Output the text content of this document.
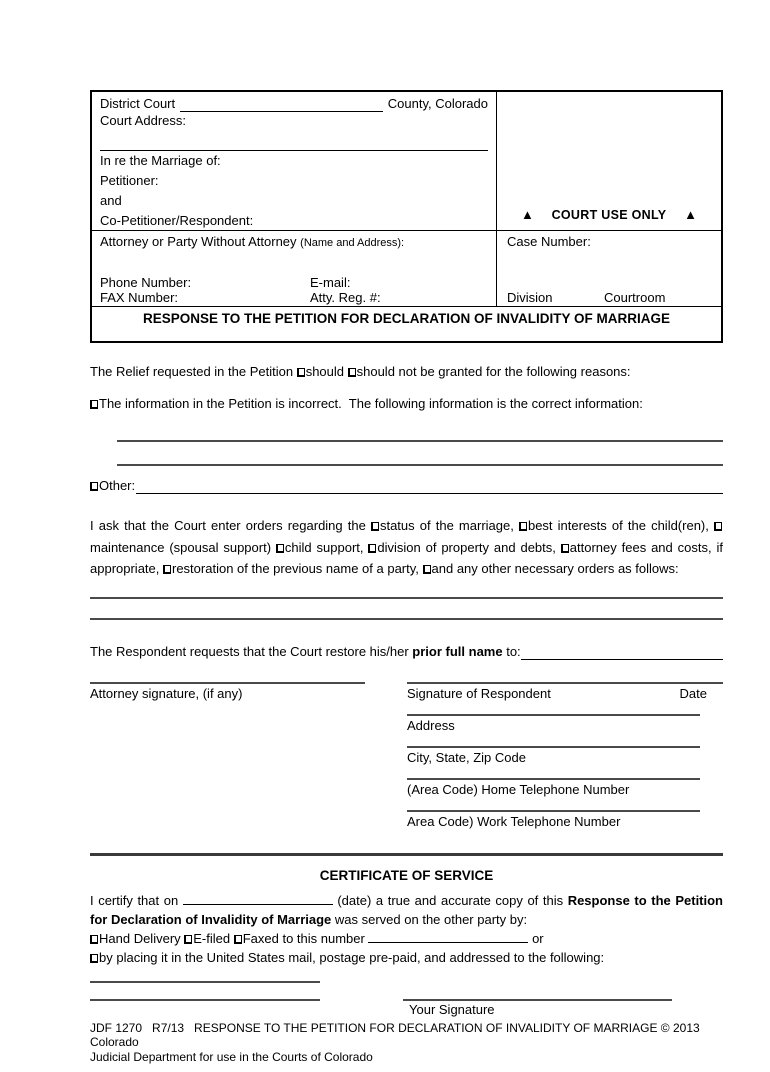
District Court	County, Colorado
Court Address:
In re the Marriage of:
Petitioner:
and
Co-Petitioner/Respondent:	▲ COURT USE ONLY ▲
Attorney or Party Without Attorney (Name and Address):
Phone Number:	E-mail:
FAX Number:	Atty. Reg. #:
Case Number:
Division	Courtroom
RESPONSE TO THE PETITION FOR DECLARATION OF INVALIDITY OF MARRIAGE

The Relief requested in the Petition should should not be granted for the following reasons:

The information in the Petition is incorrect.  The following information is the correct information:

Other:

I ask that the Court enter orders regarding the status of the marriage, best interests of the child(ren), maintenance (spousal support) child support, division of property and debts, attorney fees and costs, if appropriate, restoration of the previous name of a party, and any other necessary orders as follows:

The Respondent requests that the Court restore his/her prior full name to:
Attorney signature, (if any)	Signature of Respondent	Date
Address
City, State, Zip Code
(Area Code) Home Telephone Number
Area Code) Work Telephone Number
CERTIFICATE OF SERVICE

I certify that on	(date) a true and accurate copy of this Response to the Petition for Declaration of Invalidity of Marriage was served on the other party by:

Hand Delivery E-filed Faxed to this number	or
by placing it in the United States mail, postage pre-paid, and addressed to the following:
Your Signature
JDF 1270   R7/13   RESPONSE TO THE PETITION FOR DECLARATION OF INVALIDITY OF MARRIAGE © 2013 Colorado
Judicial Department for use in the Courts of Colorado
